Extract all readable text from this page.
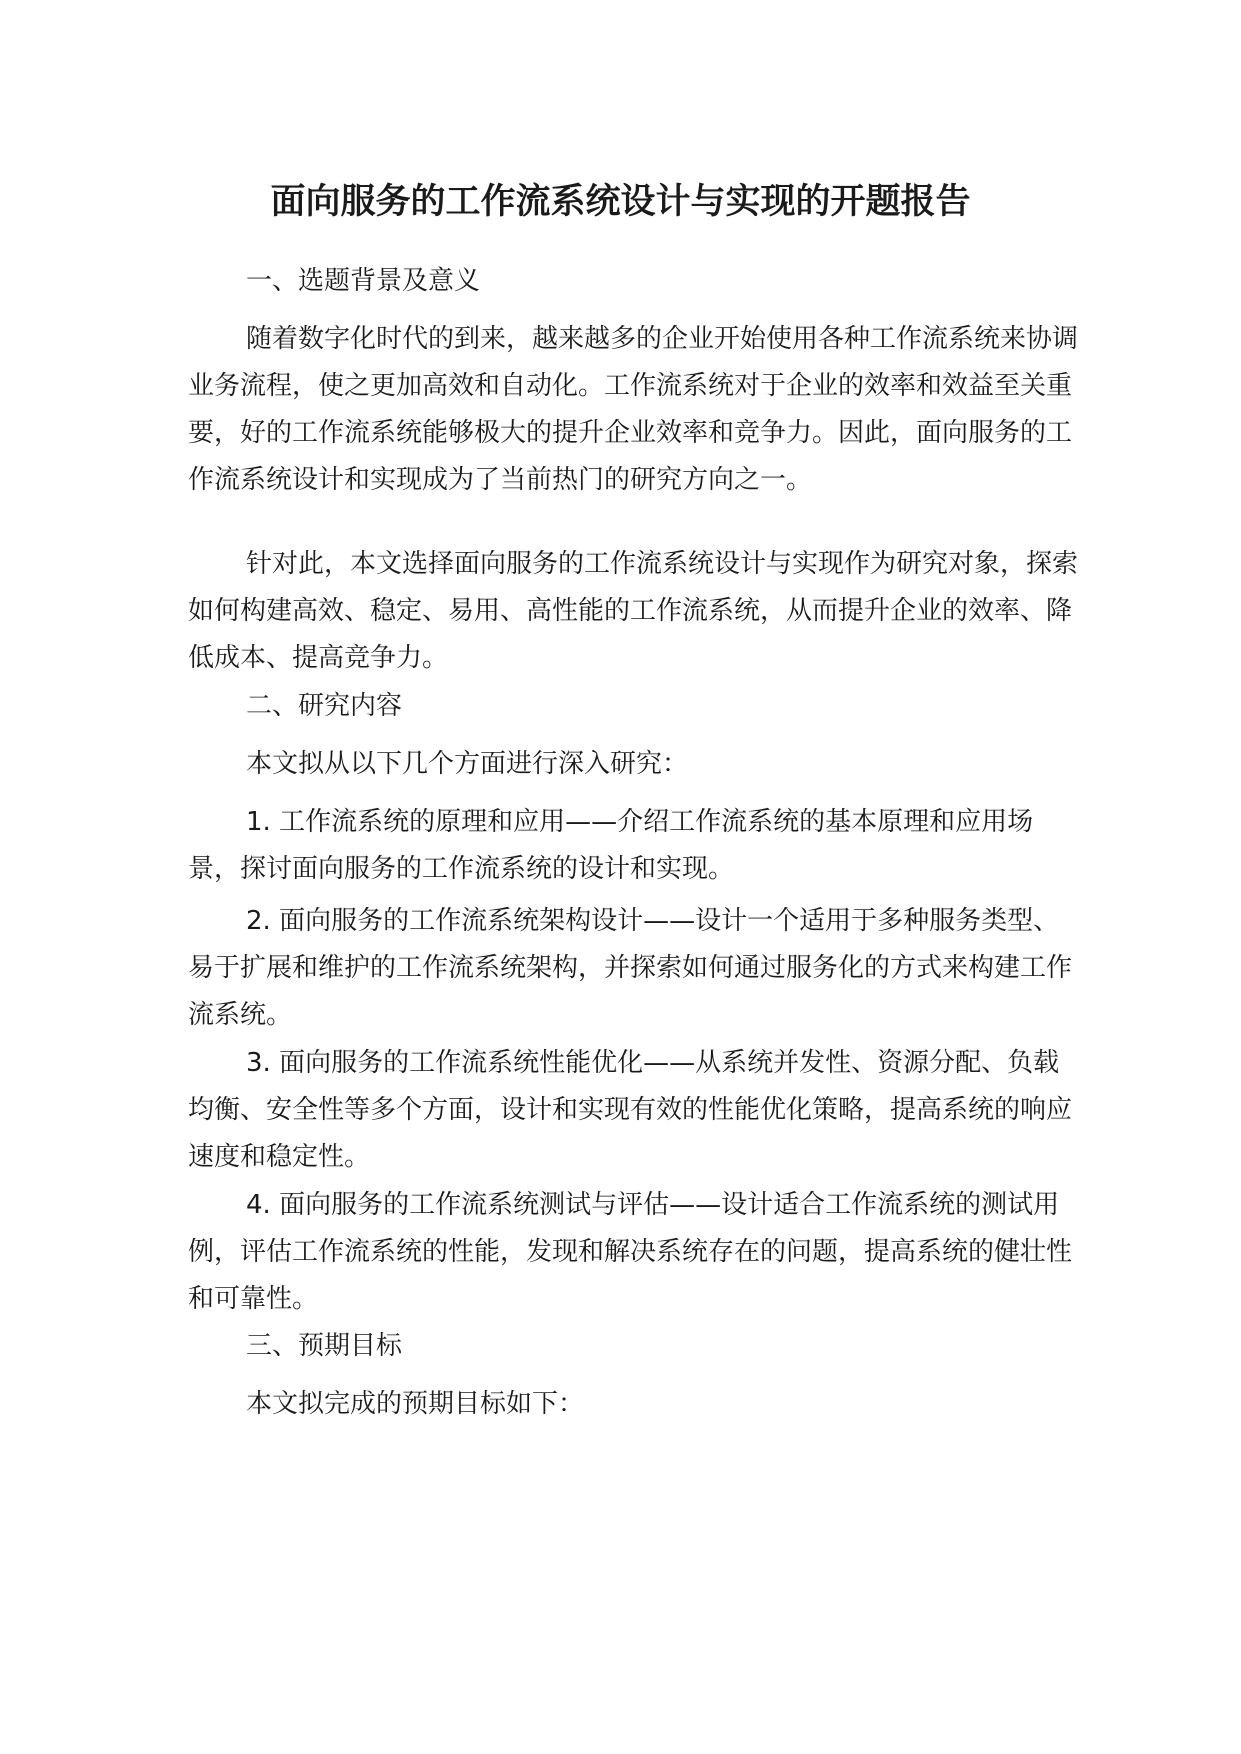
面向服务的工作流系统设计与实现的开题报告

一、选题背景及意义

随着数字化时代的到来，越来越多的企业开始使用各种工作流系统来协调业务流程，使之更加高效和自动化。工作流系统对于企业的效率和效益至关重要，好的工作流系统能够极大的提升企业效率和竞争力。因此，面向服务的工作流系统设计和实现成为了当前热门的研究方向之一。

针对此，本文选择面向服务的工作流系统设计与实现作为研究对象，探索如何构建高效、稳定、易用、高性能的工作流系统，从而提升企业的效率、降低成本、提高竞争力。

二、研究内容

本文拟从以下几个方面进行深入研究：

1. 工作流系统的原理和应用——介绍工作流系统的基本原理和应用场景，探讨面向服务的工作流系统的设计和实现。

2. 面向服务的工作流系统架构设计——设计一个适用于多种服务类型、易于扩展和维护的工作流系统架构，并探索如何通过服务化的方式来构建工作流系统。

3. 面向服务的工作流系统性能优化——从系统并发性、资源分配、负载均衡、安全性等多个方面，设计和实现有效的性能优化策略，提高系统的响应速度和稳定性。

4. 面向服务的工作流系统测试与评估——设计适合工作流系统的测试用例，评估工作流系统的性能，发现和解决系统存在的问题，提高系统的健壮性和可靠性。

三、预期目标

本文拟完成的预期目标如下：
